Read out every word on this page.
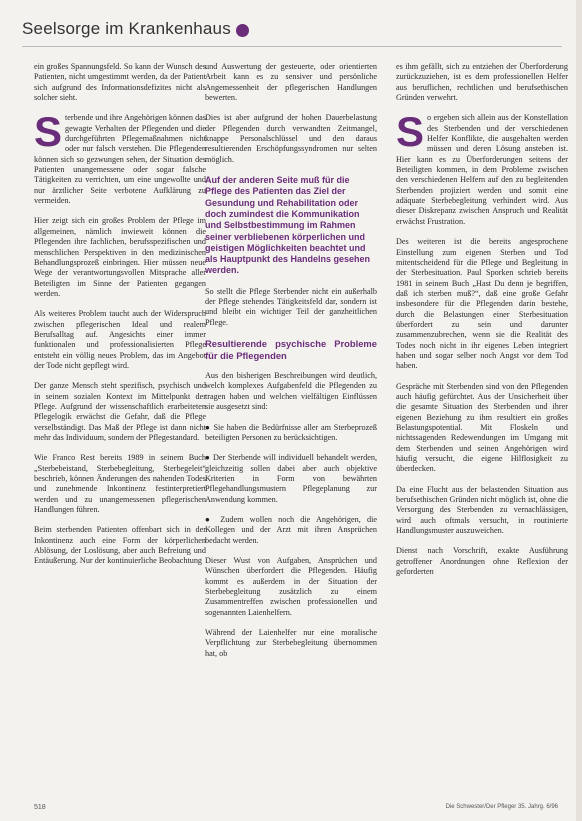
Seelsorge im Krankenhaus

ein großes Spannungsfeld. So kann der Wunsch des Patienten, nicht umgestimmt werden, da der Patient sich aufgrund des Informationsdefizites nicht als solcher sieht.

Sterbende und ihre Angehörigen können das gewagte Verhalten der Pflegenden und die durchgeführten Pflegemaßnahmen nicht oder nur falsch verstehen. Die Pflegenden können sich so gezwungen sehen, der Situation des Patienten unangemessene oder sogar falsche Tätigkeiten zu verrichten, um eine ungewollte und nur ärztlicher Seite verbotene Aufklärung zu vermeiden.

Hier zeigt sich ein großes Problem der Pflege im allgemeinen, nämlich inwieweit können die Pflegenden ihre fachlichen, berufsspezifischen und menschlichen Perspektiven in den medizinischen Behandlungsprozeß einbringen. Hier müssen neue Wege der verantwortungsvollen Mitsprache aller Beteiligten im Sinne der Patienten gegangen werden.

Als weiteres Problem taucht auch der Widerspruch zwischen pflegerischen Ideal und realem Berufsalltag auf. Angesichts einer immer funktionalen und professionalisierten Pflege entsteht ein völlig neues Problem, das im Angebot der Tode nicht gepflegt wird.

Der ganze Mensch steht spezifisch, psychisch und in seinem sozialen Kontext im Mittelpunkt der Pflege. Aufgrund der wissenschaftlich erarbeiteten Pflegelogik erwächst die Gefahr, daß die Pflege verselbständigt. Das Maß der Pflege ist dann nicht mehr das Individuum, sondern der Pflegestandard.

Wie Franco Rest bereits 1989 in seinem Buch „Sterbebeistand, Sterbebegleitung, Sterbegeleit“ beschrieb, können Änderungen des nahenden Todes und zunehmende Inkontinenz festinterpretiert werden und zu unangemessenen pflegerischen Handlungen führen.

Beim sterbenden Patienten offenbart sich in der Inkontinenz auch eine Form der körperlichen Ablösung, der Loslösung, aber auch Befreiung und Entäußerung. Nur der kontinuierliche Beobachtung

und Auswertung der gesteuerte, oder orientierten Arbeit kann es zu sensiver und persönliche Angemessenheit der pflegerischen Handlungen bewerten.

Dies ist aber aufgrund der hohen Dauerbelastung der Pflegenden durch verwandten Zeitmangel, knappe Personalschlüssel und den daraus resultierenden Erschöpfungssyndromen nur selten möglich.

Auf der anderen Seite muß für die Pflege des Patienten das Ziel der Gesundung und Rehabilitation oder doch zumindest die Kommunikation und Selbstbestimmung im Rahmen seiner verbliebenen körperlichen und geistigen Möglichkeiten beachtet und als Hauptpunkt des Handelns gesehen werden.

So stellt die Pflege Sterbender nicht ein außerhalb der Pflege stehendes Tätigkeitsfeld dar, sondern ist und bleibt ein wichtiger Teil der ganzheitlichen Pflege.

Resultierende psychische Probleme für die Pflegenden

Aus den bisherigen Beschreibungen wird deutlich, welch komplexes Aufgabenfeld die Pflegenden zu tragen haben und welchen vielfältigen Einflüssen sie ausgesetzt sind:

● Sie haben die Bedürfnisse aller am Sterbeprozeß beteiligten Personen zu berücksichtigen.

● Der Sterbende will individuell behandelt werden, gleichzeitig sollen dabei aber auch objektive Kriterien in Form von bewährten Pflegehandlungsmustern Pflegeplanung zur Anwendung kommen.

● Zudem wollen noch die Angehörigen, die Kollegen und der Arzt mit ihren Ansprüchen bedacht werden.

Dieser Wust von Aufgaben, Ansprüchen und Wünschen überfordert die Pflegenden. Häufig kommt es außerdem in der Situation der Sterbebegleitung zusätzlich zu einem Zusammentreffen zwischen professionellen und sogenannten Laienhelfern.

Während der Laienhelfer nur eine moralische Verpflichtung zur Sterbebegleitung übernommen hat, ob

es ihm gefällt, sich zu entziehen der Überforderung zurückzuziehen, ist es dem professionellen Helfer aus beruflichen, rechtlichen und berufsethischen Gründen verwehrt.

So ergeben sich allein aus der Konstellation des Sterbenden und der verschiedenen Helfer Konflikte, die ausgehalten werden müssen und deren Lösung ansteben ist. Hier kann es zu Überforderungen seitens der Beteiligten kommen, in dem Probleme zwischen den verschiedenen Helfern auf den zu begleitenden Sterbenden projiziert werden und somit eine adäquate Sterbebegleitung verhindert wird. Aus dieser Diskrepanz zwischen Anspruch und Realität erwächst Frustration.

Des weiteren ist die bereits angesprochene Einstellung zum eigenen Sterben und Tod mitentscheidend für die Pflege und Begleitung in der Sterbesituation. Paul Sporken schrieb bereits 1981 in seinem Buch „Hast Du denn je begriffen, daß ich sterben muß?“, daß eine große Gefahr insbesondere für die Pflegenden darin bestehe, durch die Belastungen einer Sterbesituation überfordert zu sein und darunter zusammenzubrechen, wenn sie die Realität des Todes noch nicht in ihr eigenes Leben integriert haben und sogar selber noch Angst vor dem Tod haben.

Gespräche mit Sterbenden sind von den Pflegenden auch häufig gefürchtet. Aus der Unsicherheit über die gesamte Situation des Sterbenden und ihrer eigenen Beziehung zu ihm resultiert ein großes Belastungspotential. Mit Floskeln und nichtssagenden Redewendungen im Umgang mit dem Sterbenden und seinen Angehörigen wird häufig versucht, die eigene Hilflosigkeit zu überdecken.

Da eine Flucht aus der belastenden Situation aus berufsethischen Gründen nicht möglich ist, ohne die Versorgung des Sterbenden zu vernachlässigen, wird auch oftmals versucht, in routinierte Handlungsmuster auszuweichen.

Dienst nach Vorschrift, exakte Ausführung getroffener Anordnungen ohne Reflexion der geforderten

518	Die Schwester/Der Pfleger 35. Jahrg. 6/96
